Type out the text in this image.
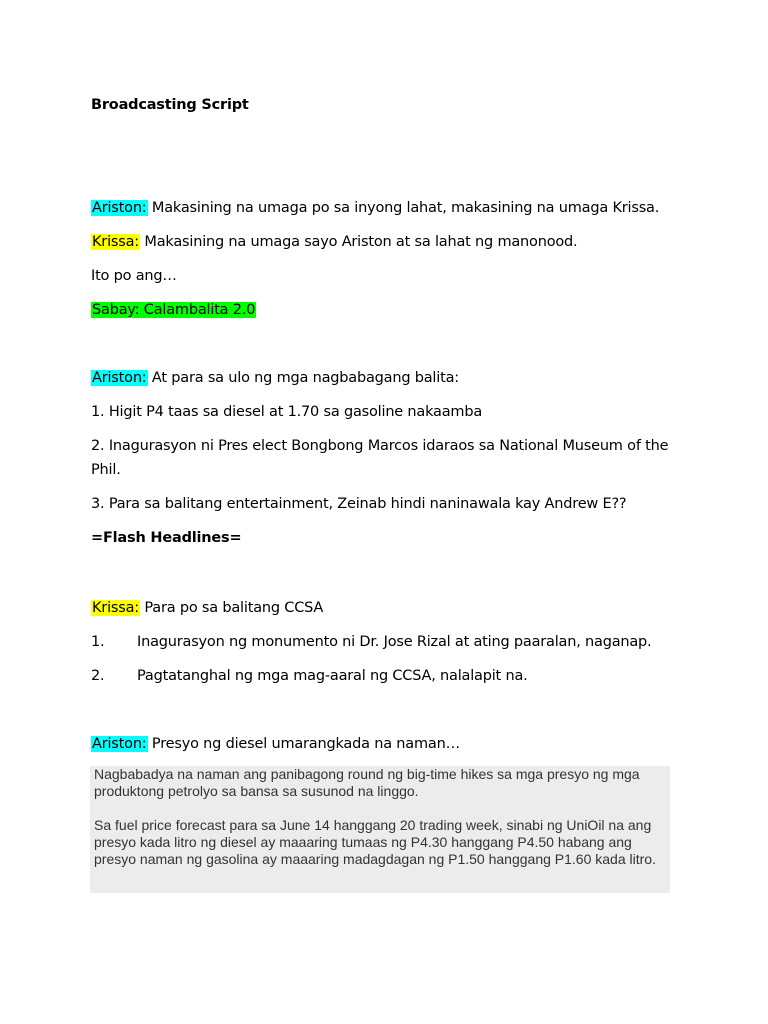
Broadcasting Script
Ariston: Makasining na umaga po sa inyong lahat, makasining na umaga Krissa.
Krissa: Makasining na umaga sayo Ariston at sa lahat ng manonood.
Ito po ang…
Sabay: Calambalita 2.0
Ariston: At para sa ulo ng mga nagbabagang balita:
1. Higit P4 taas sa diesel at 1.70 sa gasoline nakaamba
2. Inagurasyon ni Pres elect Bongbong Marcos idaraos sa National Museum of the
Phil.
3. Para sa balitang entertainment, Zeinab hindi naninawala kay Andrew E??
=Flash Headlines=
Krissa: Para po sa balitang CCSA
1. Inagurasyon ng monumento ni Dr. Jose Rizal at ating paaralan, naganap.
2. Pagtatanghal ng mga mag-aaral ng CCSA, nalalapit na.
Ariston: Presyo ng diesel umarangkada na naman…

Nagbabadya na naman ang panibagong round ng big-time hikes sa mga presyo ng mga produktong petrolyo sa bansa sa susunod na linggo.

Sa fuel price forecast para sa June 14 hanggang 20 trading week, sinabi ng UniOil na ang presyo kada litro ng diesel ay maaaring tumaas ng P4.30 hanggang P4.50 habang ang presyo naman ng gasolina ay maaaring madagdagan ng P1.50 hanggang P1.60 kada litro.
